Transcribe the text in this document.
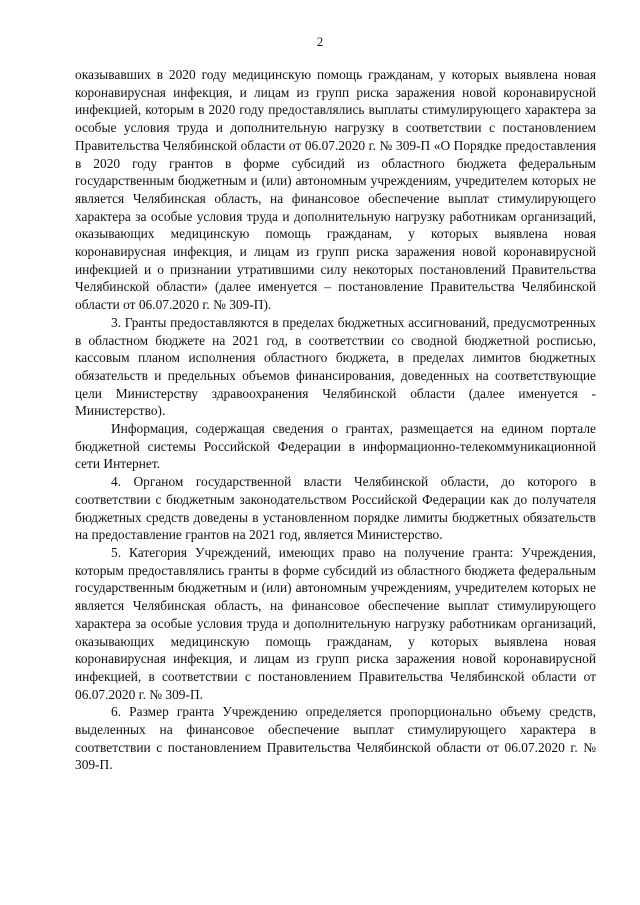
2

оказывавших в 2020 году медицинскую помощь гражданам, у которых выявлена новая коронавирусная инфекция, и лицам из групп риска заражения новой коронавирусной инфекцией, которым в 2020 году предоставлялись выплаты стимулирующего характера за особые условия труда и дополнительную нагрузку в соответствии с постановлением Правительства Челябинской области от 06.07.2020 г. № 309-П «О Порядке предоставления в 2020 году грантов в форме субсидий из областного бюджета федеральным государственным бюджетным и (или) автономным учреждениям, учредителем которых не является Челябинская область, на финансовое обеспечение выплат стимулирующего характера за особые условия труда и дополнительную нагрузку работникам организаций, оказывающих медицинскую помощь гражданам, у которых выявлена новая коронавирусная инфекция, и лицам из групп риска заражения новой коронавирусной инфекцией и о признании утратившими силу некоторых постановлений Правительства Челябинской области» (далее именуется – постановление Правительства Челябинской области от 06.07.2020 г. № 309-П).

3. Гранты предоставляются в пределах бюджетных ассигнований, предусмотренных в областном бюджете на 2021 год, в соответствии со сводной бюджетной росписью, кассовым планом исполнения областного бюджета, в пределах лимитов бюджетных обязательств и предельных объемов финансирования, доведенных на соответствующие цели Министерству здравоохранения Челябинской области (далее именуется - Министерство).

Информация, содержащая сведения о грантах, размещается на едином портале бюджетной системы Российской Федерации в информационно-телекоммуникационной сети Интернет.

4. Органом государственной власти Челябинской области, до которого в соответствии с бюджетным законодательством Российской Федерации как до получателя бюджетных средств доведены в установленном порядке лимиты бюджетных обязательств на предоставление грантов на 2021 год, является Министерство.

5. Категория Учреждений, имеющих право на получение гранта: Учреждения, которым предоставлялись гранты в форме субсидий из областного бюджета федеральным государственным бюджетным и (или) автономным учреждениям, учредителем которых не является Челябинская область, на финансовое обеспечение выплат стимулирующего характера за особые условия труда и дополнительную нагрузку работникам организаций, оказывающих медицинскую помощь гражданам, у которых выявлена новая коронавирусная инфекция, и лицам из групп риска заражения новой коронавирусной инфекцией, в соответствии с постановлением Правительства Челябинской области от 06.07.2020 г. № 309-П.

6. Размер гранта Учреждению определяется пропорционально объему средств, выделенных на финансовое обеспечение выплат стимулирующего характера в соответствии с постановлением Правительства Челябинской области от 06.07.2020 г. № 309-П.
